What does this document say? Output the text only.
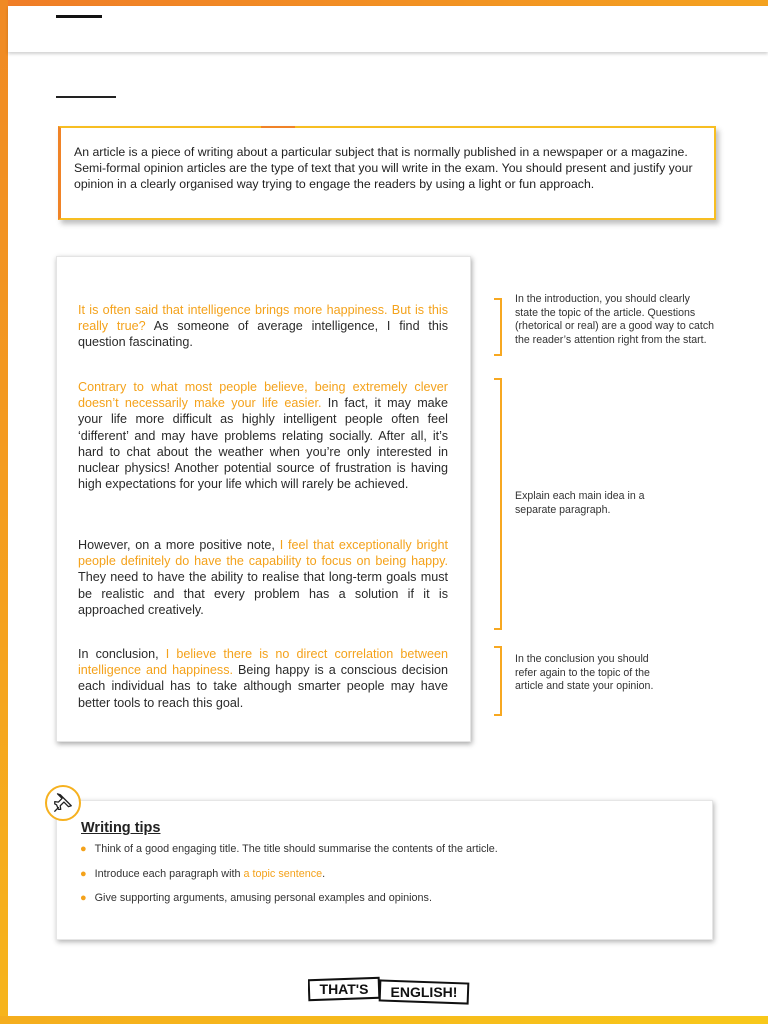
An article is a piece of writing about a particular subject that is normally published in a newspaper or a magazine. Semi-formal opinion articles are the type of text that you will write in the exam. You should present and justify your opinion in a clearly organised way trying to engage the readers by using a light or fun approach.

It is often said that intelligence brings more happiness. But is this really true? As someone of average intelligence, I find this question fascinating.

Contrary to what most people believe, being extremely clever doesn’t necessarily make your life easier. In fact, it may make your life more difficult as highly intelligent people often feel ‘different’ and may have problems relating socially. After all, it’s hard to chat about the weather when you’re only interested in nuclear physics! Another potential source of frustration is having high expectations for your life which will rarely be achieved.

However, on a more positive note, I feel that exceptionally bright people definitely do have the capability to focus on being happy. They need to have the ability to realise that long-term goals must be realistic and that every problem has a solution if it is approached creatively.

In conclusion, I believe there is no direct correlation between intelligence and happiness. Being happy is a conscious decision each individual has to take although smarter people may have better tools to reach this goal.

In the introduction, you should clearly state the topic of the article. Questions (rhetorical or real) are a good way to catch the reader’s attention right from the start.

Explain each main idea in a separate paragraph.

In the conclusion you should refer again to the topic of the article and state your opinion.

Writing tips

● Think of a good engaging title. The title should summarise the contents of the article.

● Introduce each paragraph with a topic sentence.

● Give supporting arguments, amusing personal examples and opinions.

THAT'S ENGLISH!
